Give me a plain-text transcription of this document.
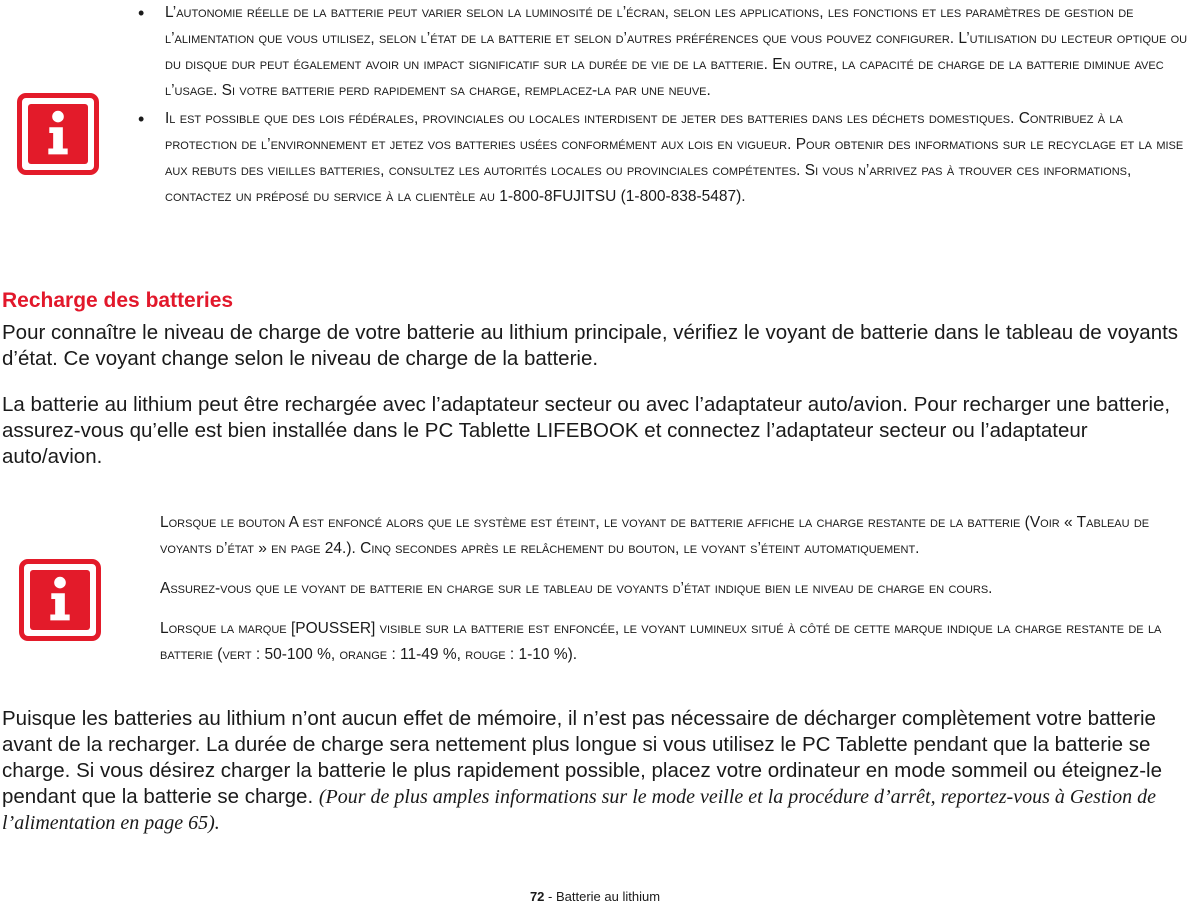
•	L’autonomie réelle de la batterie peut varier selon la luminosité de l’écran, selon les applications, les fonctions et les paramètres de gestion de l’alimentation que vous utilisez, selon l’état de la batterie et selon d’autres préférences que vous pouvez configurer. L’utilisation du lecteur optique ou du disque dur peut également avoir un impact significatif sur la durée de vie de la batterie. En outre, la capacité de charge de la batterie diminue avec l’usage. Si votre batterie perd rapidement sa charge, remplacez-la par une neuve.
•	Il est possible que des lois fédérales, provinciales ou locales interdisent de jeter des batteries dans les déchets domestiques. Contribuez à la protection de l’environnement et jetez vos batteries usées conformément aux lois en vigueur. Pour obtenir des informations sur le recyclage et la mise aux rebuts des vieilles batteries, consultez les autorités locales ou provinciales compétentes. Si vous n’arrivez pas à trouver ces informations, contactez un préposé du service à la clientèle au 1-800-8FUJITSU (1-800-838-5487).
Recharge des batteries

Pour connaître le niveau de charge de votre batterie au lithium principale, vérifiez le voyant de batterie dans le tableau de voyants d’état. Ce voyant change selon le niveau de charge de la batterie.

La batterie au lithium peut être rechargée avec l’adaptateur secteur ou avec l’adaptateur auto/avion. Pour recharger une batterie, assurez-vous qu’elle est bien installée dans le PC Tablette LIFEBOOK et connectez l’adaptateur secteur ou l’adaptateur auto/avion.

Lorsque le bouton A est enfoncé alors que le système est éteint, le voyant de batterie affiche la charge restante de la batterie (Voir « Tableau de voyants d’état » en page 24.). Cinq secondes après le relâchement du bouton, le voyant s’éteint automatiquement.

Assurez-vous que le voyant de batterie en charge sur le tableau de voyants d’état indique bien le niveau de charge en cours.

Lorsque la marque [POUSSER] visible sur la batterie est enfoncée, le voyant lumineux situé à côté de cette marque indique la charge restante de la batterie (vert : 50-100 %, orange : 11-49 %, rouge : 1-10 %).

Puisque les batteries au lithium n’ont aucun effet de mémoire, il n’est pas nécessaire de décharger complètement votre batterie avant de la recharger. La durée de charge sera nettement plus longue si vous utilisez le PC Tablette pendant que la batterie se charge. Si vous désirez charger la batterie le plus rapidement possible, placez votre ordinateur en mode sommeil ou éteignez-le pendant que la batterie se charge. (Pour de plus amples informations sur le mode veille et la procédure d’arrêt, reportez-vous à Gestion de l’alimentation en page 65).

72 - Batterie au lithium
